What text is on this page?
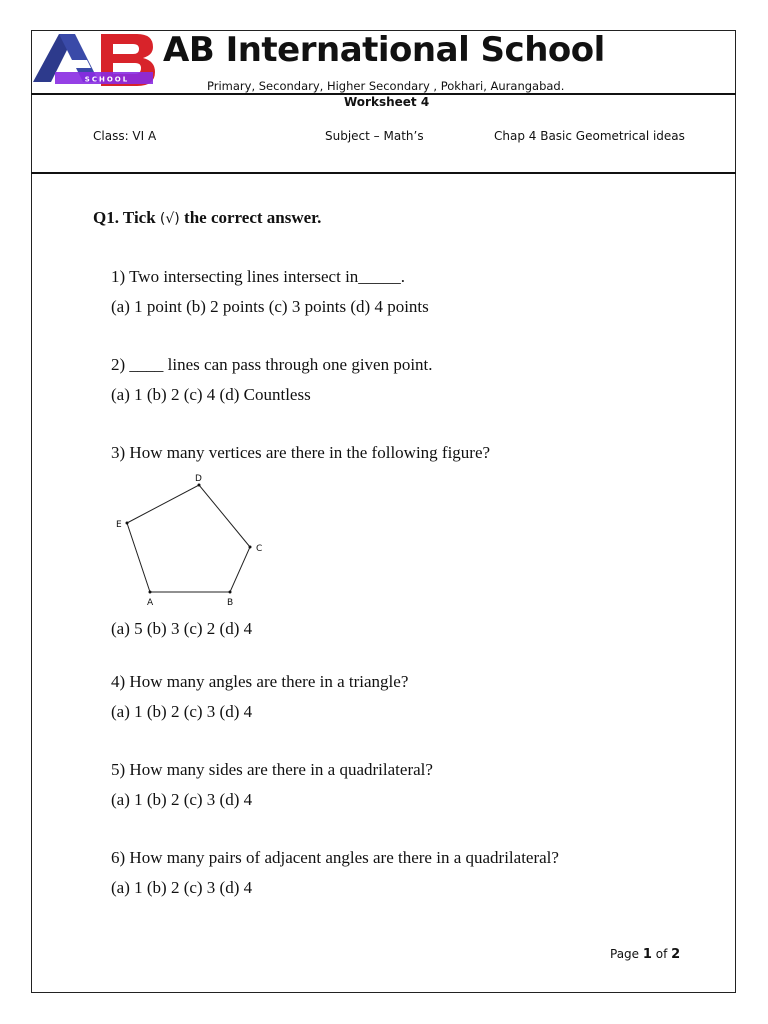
SCHOOL
AB International School
Primary, Secondary, Higher Secondary , Pokhari, Aurangabad.
Worksheet 4
Class: VI A	Subject – Math’s	Chap 4 Basic Geometrical ideas
Q1. Tick (√) the correct answer.
1) Two intersecting lines intersect in_____.
(a) 1 point (b) 2 points (c) 3 points (d) 4 points
2) ____ lines can pass through one given point.
(a) 1 (b) 2 (c) 4 (d) Countless
3) How many vertices are there in the following figure?
A	B
C
D
E
(a) 5 (b) 3 (c) 2 (d) 4
4) How many angles are there in a triangle?
(a) 1 (b) 2 (c) 3 (d) 4
5) How many sides are there in a quadrilateral?
(a) 1 (b) 2 (c) 3 (d) 4
6) How many pairs of adjacent angles are there in a quadrilateral?
(a) 1 (b) 2 (c) 3 (d) 4
Page 1 of 2
